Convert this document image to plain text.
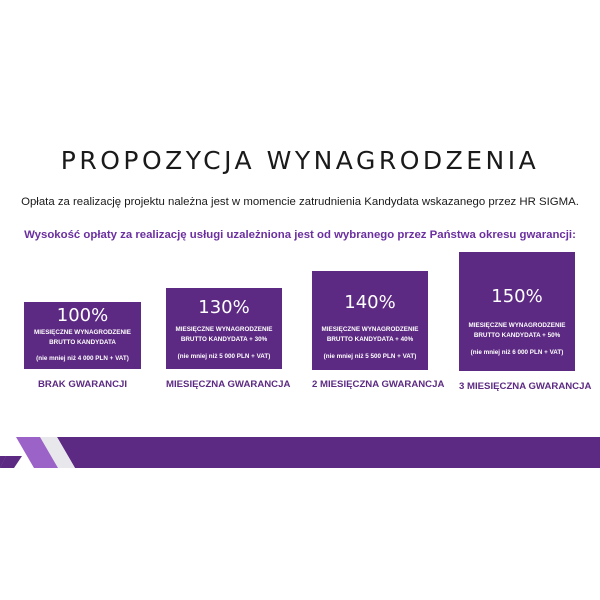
PROPOZYCJA WYNAGRODZENIA
Opłata za realizację projektu należna jest w momencie zatrudnienia Kandydata wskazanego przez HR SIGMA.
Wysokość opłaty za realizację usługi uzależniona jest od wybranego przez Państwa okresu gwarancji:
100%
MIESIĘCZNE WYNAGRODZENIE
BRUTTO KANDYDATA
(nie mniej niż 4 000 PLN + VAT)
BRAK GWARANCJI
130%
MIESIĘCZNE WYNAGRODZENIE
BRUTTO KANDYDATA + 30%
(nie mniej niż 5 000 PLN + VAT)
MIESIĘCZNA GWARANCJA
140%
MIESIĘCZNE WYNAGRODZENIE
BRUTTO KANDYDATA + 40%
(nie mniej niż 5 500 PLN + VAT)
2 MIESIĘCZNA GWARANCJA
150%
MIESIĘCZNE WYNAGRODZENIE
BRUTTO KANDYDATA + 50%
(nie mniej niż 6 000 PLN + VAT)
3 MIESIĘCZNA GWARANCJA
